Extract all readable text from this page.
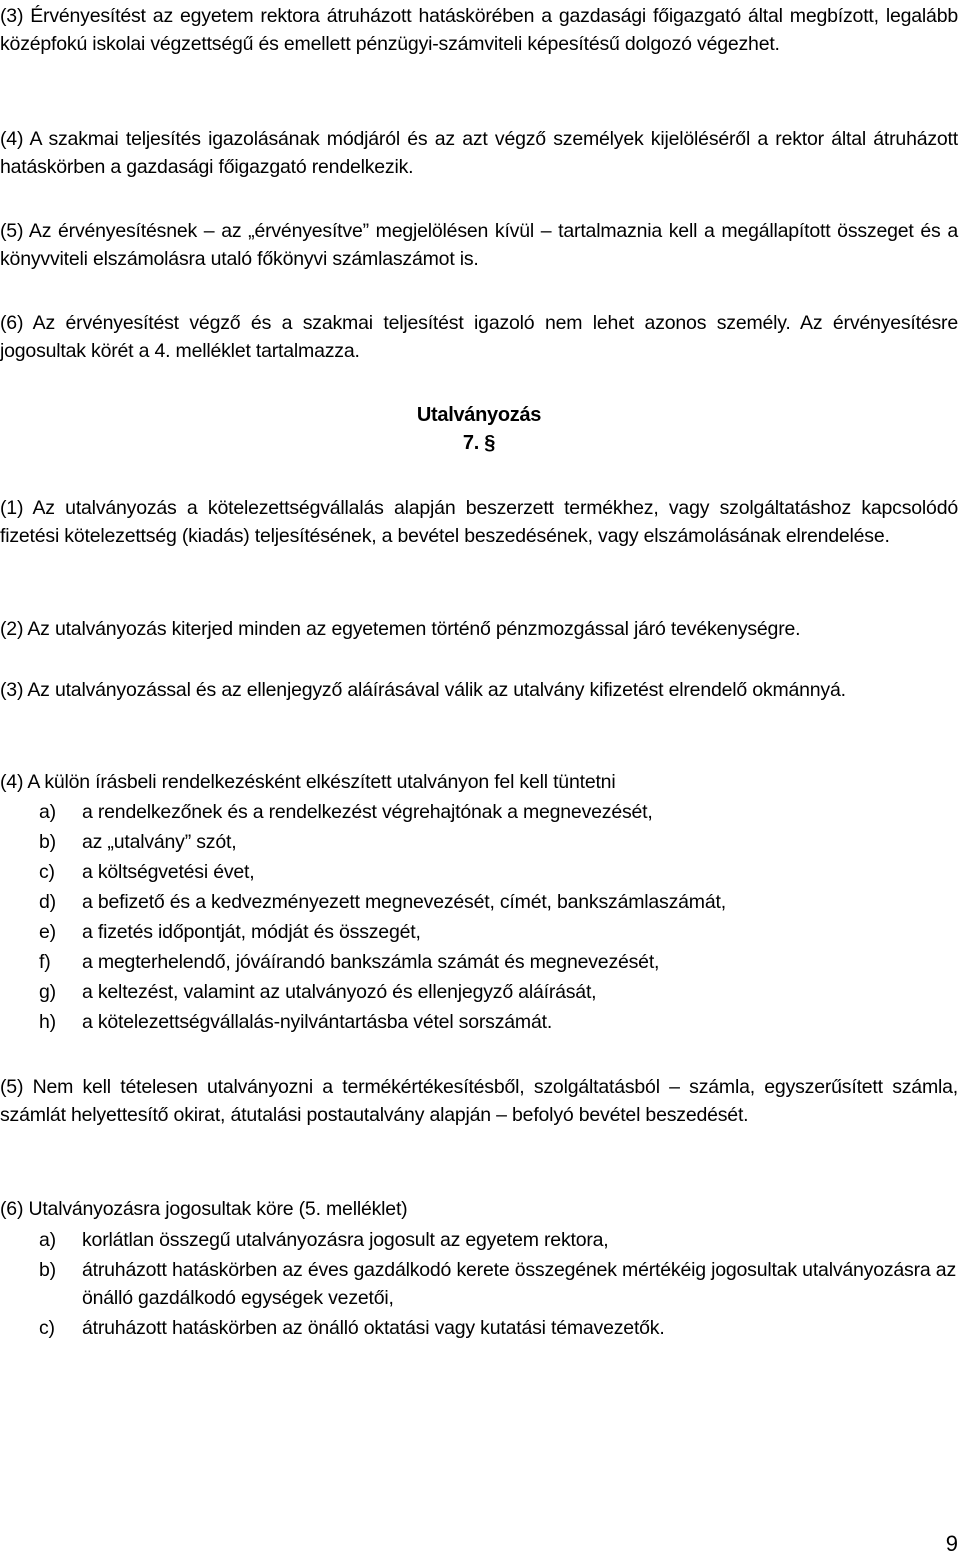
(3) Érvényesítést az egyetem rektora átruházott hatáskörében a gazdasági főigazgató által megbízott, legalább középfokú iskolai végzettségű és emellett pénzügyi-számviteli képesítésű dolgozó végezhet.
(4) A szakmai teljesítés igazolásának módjáról és az azt végző személyek kijelöléséről a rektor által átruházott hatáskörben a gazdasági főigazgató rendelkezik.
(5) Az érvényesítésnek – az „érvényesítve” megjelölésen kívül – tartalmaznia kell a megállapított összeget és a könyvviteli elszámolásra utaló főkönyvi számlaszámot is.
(6) Az érvényesítést végző és a szakmai teljesítést igazoló nem lehet azonos személy. Az érvényesítésre jogosultak körét a 4. melléklet tartalmazza.
Utalványozás
7. §
(1) Az utalványozás a kötelezettségvállalás alapján beszerzett termékhez, vagy szolgáltatáshoz kapcsolódó fizetési kötelezettség (kiadás) teljesítésének, a bevétel beszedésének, vagy elszámolásának elrendelése.
(2) Az utalványozás kiterjed minden az egyetemen történő pénzmozgással járó tevékenységre.
(3) Az utalványozással és az ellenjegyző aláírásával válik az utalvány kifizetést elrendelő okmánnyá.
(4) A külön írásbeli rendelkezésként elkészített utalványon fel kell tüntetni
a) a rendelkezőnek és a rendelkezést végrehajtónak a megnevezését,
b) az „utalvány” szót,
c) a költségvetési évet,
d) a befizető és a kedvezményezett megnevezését, címét, bankszámlaszámát,
e) a fizetés időpontját, módját és összegét,
f) a megterhelendő, jóváírandó bankszámla számát és megnevezését,
g) a keltezést, valamint az utalványozó és ellenjegyző aláírását,
h) a kötelezettségvállalás-nyilvántartásba vétel sorszámát.
(5) Nem kell tételesen utalványozni a termékértékesítésből, szolgáltatásból – számla, egyszerűsített számla, számlát helyettesítő okirat, átutalási postautalvány alapján – befolyó bevétel beszedését.
(6) Utalványozásra jogosultak köre (5. melléklet)
a) korlátlan összegű utalványozásra jogosult az egyetem rektora,
b) átruházott hatáskörben az éves gazdálkodó kerete összegének mértékéig jogosultak utalványozásra az önálló gazdálkodó egységek vezetői,
c) átruházott hatáskörben az önálló oktatási vagy kutatási témavezetők.
9
